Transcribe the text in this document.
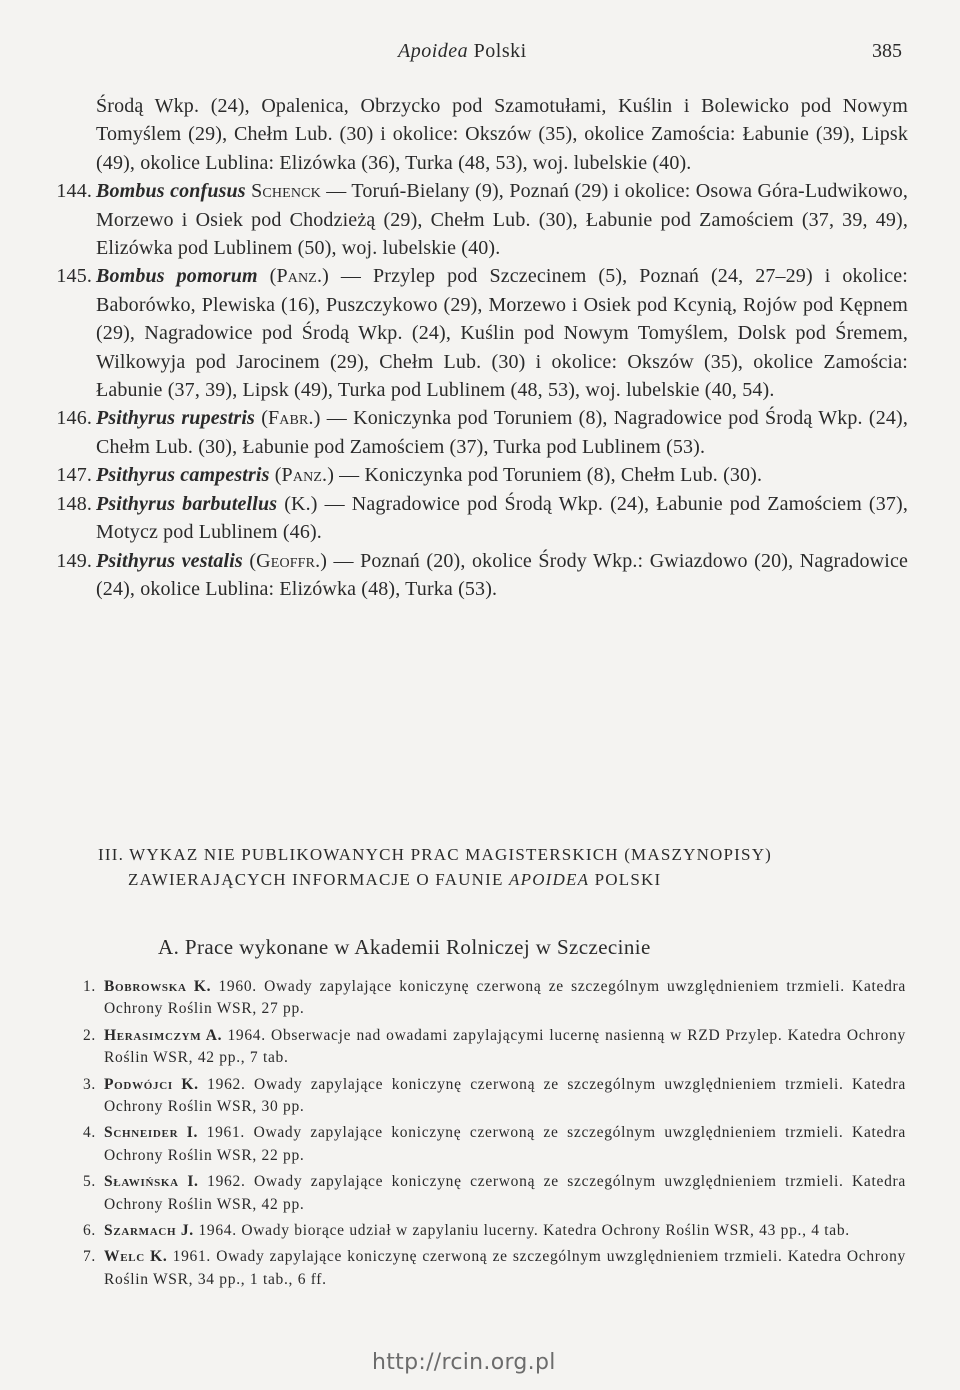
Apoidea Polski	385
Środą Wkp. (24), Opalenica, Obrzycko pod Szamotułami, Kuślin i Bolewicko pod Nowym Tomyślem (29), Chełm Lub. (30) i okolice: Okszów (35), okolice Zamościa: Łabunie (39), Lipsk (49), okolice Lublina: Elizówka (36), Turka (48, 53), woj. lubelskie (40).
144. Bombus confusus Schenck — Toruń-Bielany (9), Poznań (29) i okolice: Osowa Góra-Ludwikowo, Morzewo i Osiek pod Chodzieżą (29), Chełm Lub. (30), Łabunie pod Zamościem (37, 39, 49), Elizówka pod Lublinem (50), woj. lubelskie (40).
145. Bombus pomorum (Panz.) — Przylep pod Szczecinem (5), Poznań (24, 27–29) i okolice: Baborówko, Plewiska (16), Puszczykowo (29), Morzewo i Osiek pod Kcynią, Rojów pod Kępnem (29), Nagradowice pod Środą Wkp. (24), Kuślin pod Nowym Tomyślem, Dolsk pod Śremem, Wilkowyja pod Jarocinem (29), Chełm Lub. (30) i okolice: Okszów (35), okolice Zamościa: Łabunie (37, 39), Lipsk (49), Turka pod Lublinem (48, 53), woj. lubelskie (40, 54).
146. Psithyrus rupestris (Fabr.) — Koniczynka pod Toruniem (8), Nagradowice pod Środą Wkp. (24), Chełm Lub. (30), Łabunie pod Zamościem (37), Turka pod Lublinem (53).
147. Psithyrus campestris (Panz.) — Koniczynka pod Toruniem (8), Chełm Lub. (30).
148. Psithyrus barbutellus (K.) — Nagradowice pod Środą Wkp. (24), Łabunie pod Zamościem (37), Motycz pod Lublinem (46).
149. Psithyrus vestalis (Geoffr.) — Poznań (20), okolice Środy Wkp.: Gwiazdowo (20), Nagradowice (24), okolice Lublina: Elizówka (48), Turka (53).
III. WYKAZ NIE PUBLIKOWANYCH PRAC MAGISTERSKICH (MASZYNOPISY)
ZAWIERAJĄCYCH INFORMACJE O FAUNIE APOIDEA POLSKI
A. Prace wykonane w Akademii Rolniczej w Szczecinie
1. Bobrowska K. 1960. Owady zapylające koniczynę czerwoną ze szczególnym uwzględnieniem trzmieli. Katedra Ochrony Roślin WSR, 27 pp.
2. Herasimczym A. 1964. Obserwacje nad owadami zapylającymi lucernę nasienną w RZD Przylep. Katedra Ochrony Roślin WSR, 42 pp., 7 tab.
3. Podwójci K. 1962. Owady zapylające koniczynę czerwoną ze szczególnym uwzględnieniem trzmieli. Katedra Ochrony Roślin WSR, 30 pp.
4. Schneider I. 1961. Owady zapylające koniczynę czerwoną ze szczególnym uwzględnieniem trzmieli. Katedra Ochrony Roślin WSR, 22 pp.
5. Sławińska I. 1962. Owady zapylające koniczynę czerwoną ze szczególnym uwzględnieniem trzmieli. Katedra Ochrony Roślin WSR, 42 pp.
6. Szarmach J. 1964. Owady biorące udział w zapylaniu lucerny. Katedra Ochrony Roślin WSR, 43 pp., 4 tab.
7. Welc K. 1961. Owady zapylające koniczynę czerwoną ze szczególnym uwzględnieniem trzmieli. Katedra Ochrony Roślin WSR, 34 pp., 1 tab., 6 ff.
http://rcin.org.pl
